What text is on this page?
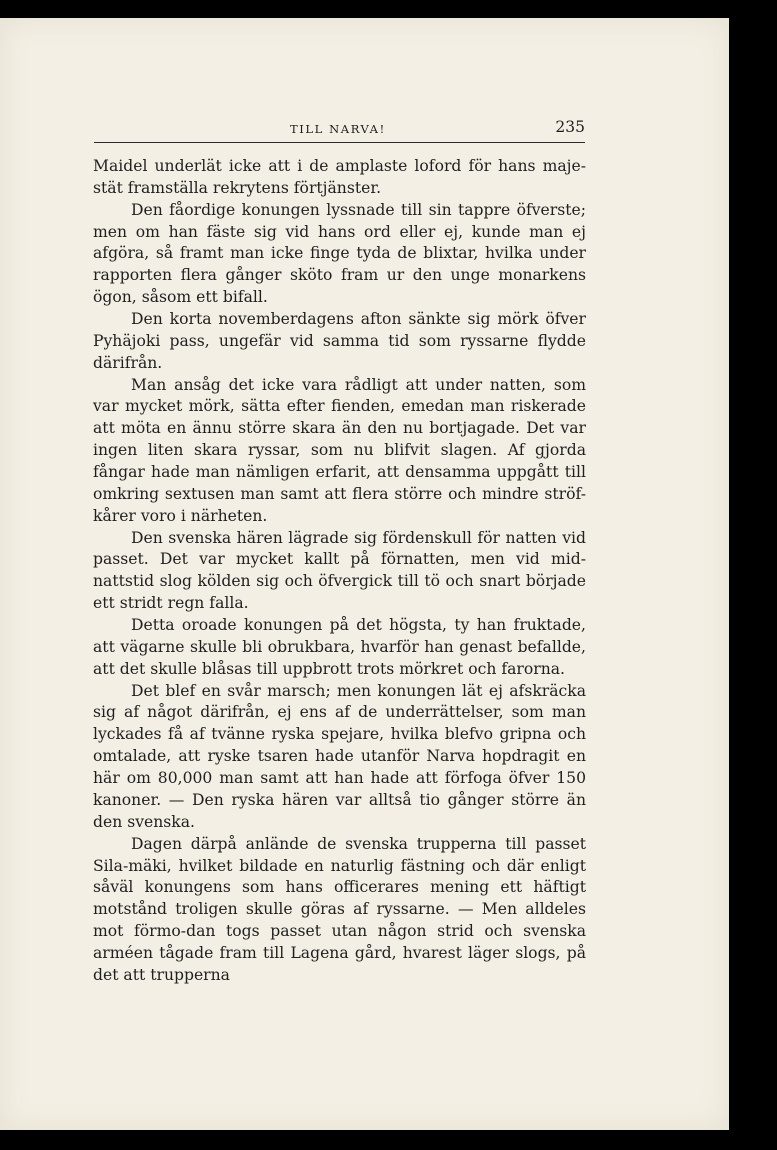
TILL NARVA!	235

Maidel underlät icke att i de amplaste loford för hans maje-stät framställa rekrytens förtjänster.

Den fåordige konungen lyssnade till sin tappre öfverste; men om han fäste sig vid hans ord eller ej, kunde man ej afgöra, så framt man icke finge tyda de blixtar, hvilka under rapporten flera gånger sköto fram ur den unge monarkens ögon, såsom ett bifall.

Den korta novemberdagens afton sänkte sig mörk öfver Pyhäjoki pass, ungefär vid samma tid som ryssarne flydde därifrån.

Man ansåg det icke vara rådligt att under natten, som var mycket mörk, sätta efter fienden, emedan man riskerade att möta en ännu större skara än den nu bortjagade. Det var ingen liten skara ryssar, som nu blifvit slagen. Af gjorda fångar hade man nämligen erfarit, att densamma uppgått till omkring sextusen man samt att flera större och mindre ströf-kårer voro i närheten.

Den svenska hären lägrade sig fördenskull för natten vid passet. Det var mycket kallt på förnatten, men vid mid-nattstid slog kölden sig och öfvergick till tö och snart började ett stridt regn falla.

Detta oroade konungen på det högsta, ty han fruktade, att vägarne skulle bli obrukbara, hvarför han genast befallde, att det skulle blåsas till uppbrott trots mörkret och farorna.

Det blef en svår marsch; men konungen lät ej afskräcka sig af något därifrån, ej ens af de underrättelser, som man lyckades få af tvänne ryska spejare, hvilka blefvo gripna och omtalade, att ryske tsaren hade utanför Narva hopdragit en här om 80,000 man samt att han hade att förfoga öfver 150 kanoner. — Den ryska hären var alltså tio gånger större än den svenska.

Dagen därpå anlände de svenska trupperna till passet Sila-mäki, hvilket bildade en naturlig fästning och där enligt såväl konungens som hans officerares mening ett häftigt motstånd troligen skulle göras af ryssarne. — Men alldeles mot förmo-dan togs passet utan någon strid och svenska arméen tågade fram till Lagena gård, hvarest läger slogs, på det att trupperna
